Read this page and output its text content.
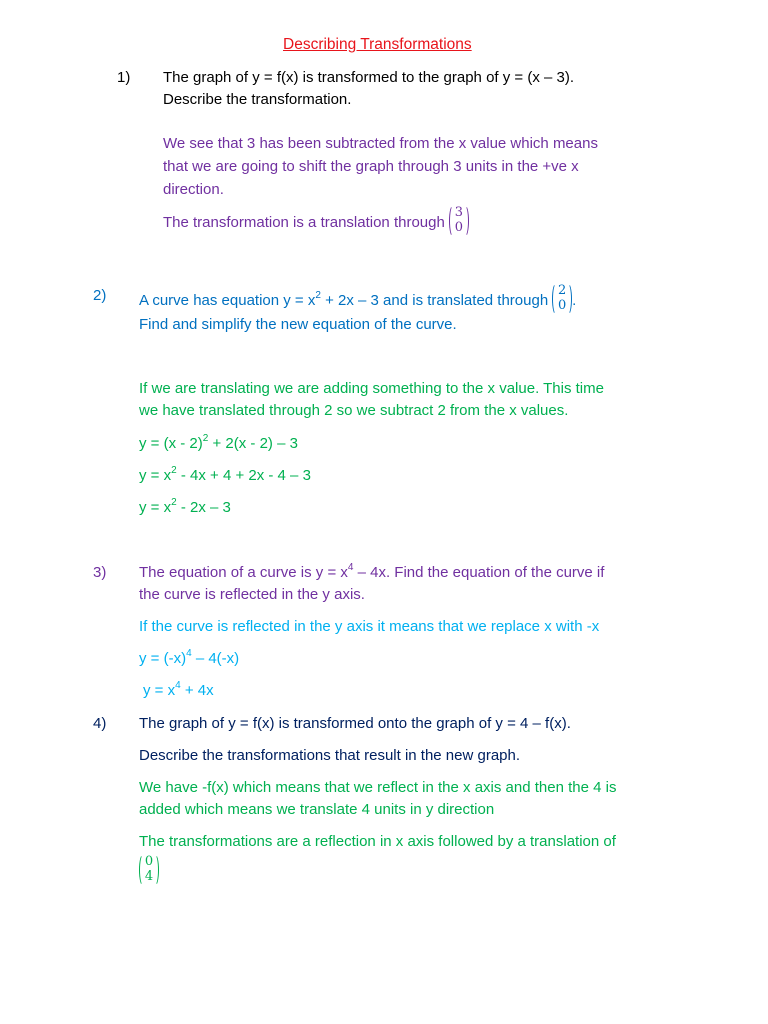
Describing Transformations
1) The graph of y = f(x) is transformed to the graph of y = (x – 3).
Describe the transformation.
We see that 3 has been subtracted from the x value which means
that we are going to shift the graph through 3 units in the +ve x
direction.
The transformation is a translation through
3
0
2) A curve has equation $y = x^2 + 2x - 3$ and is translated through
2
0 .
Find and simplify the new equation of the curve.
If we are translating we are adding something to the x value. This time
we have translated through 2 so we subtract 2 from the x values.
y = (x - 2)$^2$ + 2(x - 2) – 3
$y = x^2 - 4x + 4 + 2x - 4 - 3$
$y = x^2 - 2x - 3$
3) The equation of a curve is $y = x^4 - 4x$. Find the equation of the curve if
the curve is reflected in the y axis.
If the curve is reflected in the y axis it means that we replace x with -x
$y = (-x)^4 - 4(-x)$
$y = x^4 + 4x$
4) The graph of y = f(x) is transformed onto the graph of y = 4 – f(x).
Describe the transformations that result in the new graph.
We have -f(x) which means that we reflect in the x axis and then the 4 is
added which means we translate 4 units in y direction
The transformations are a reflection in x axis followed by a translation of
0
4
